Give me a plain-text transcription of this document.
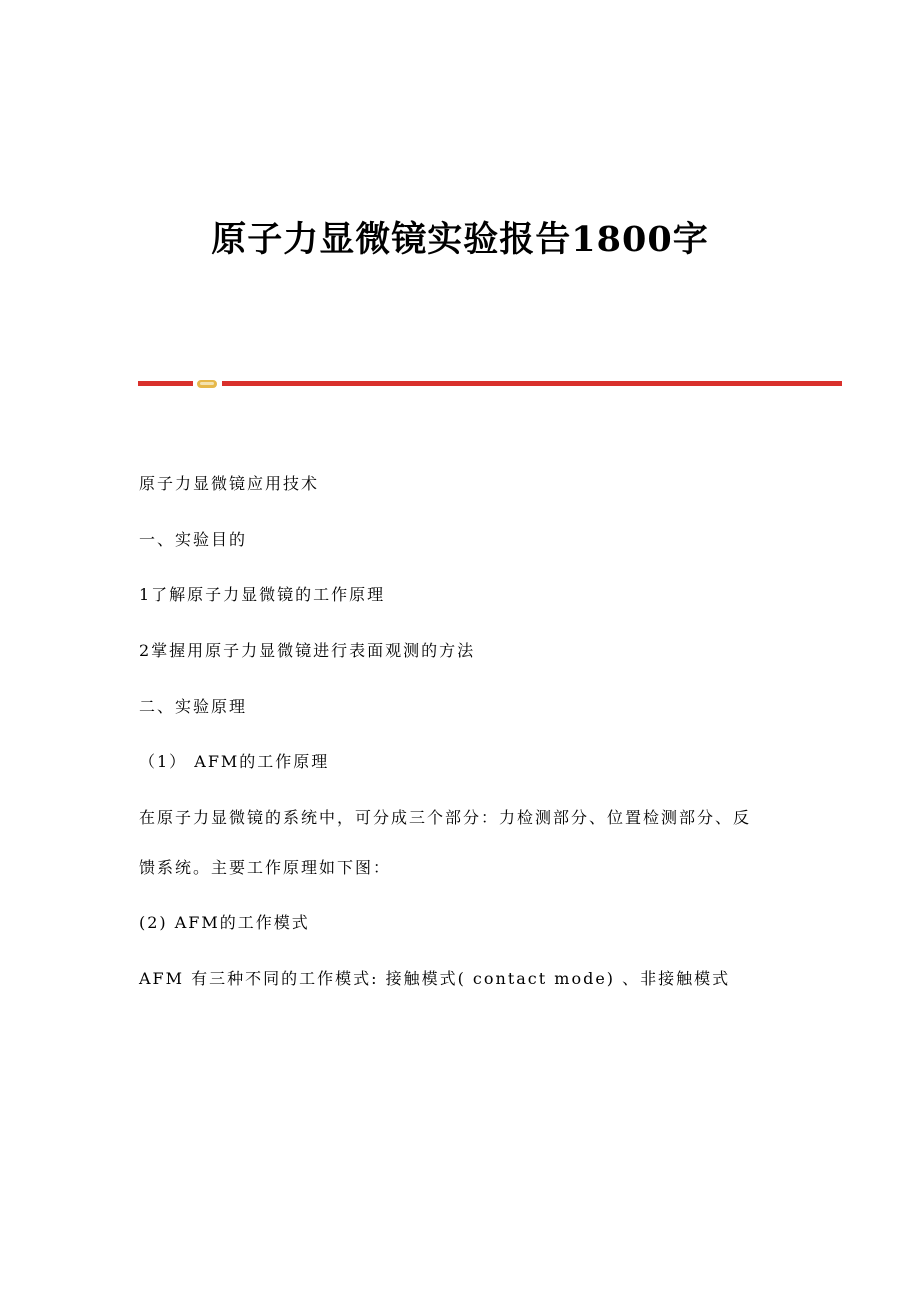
原子力显微镜实验报告1800字
原子力显微镜应用技术
一、实验目的
1了解原子力显微镜的工作原理
2掌握用原子力显微镜进行表面观测的方法
二、实验原理
（1） AFM的工作原理
在原子力显微镜的系统中，可分成三个部分：力检测部分、位置检测部分、反
馈系统。主要工作原理如下图：
(2) AFM的工作模式
AFM 有三种不同的工作模式: 接触模式( contact mode) 、非接触模式
